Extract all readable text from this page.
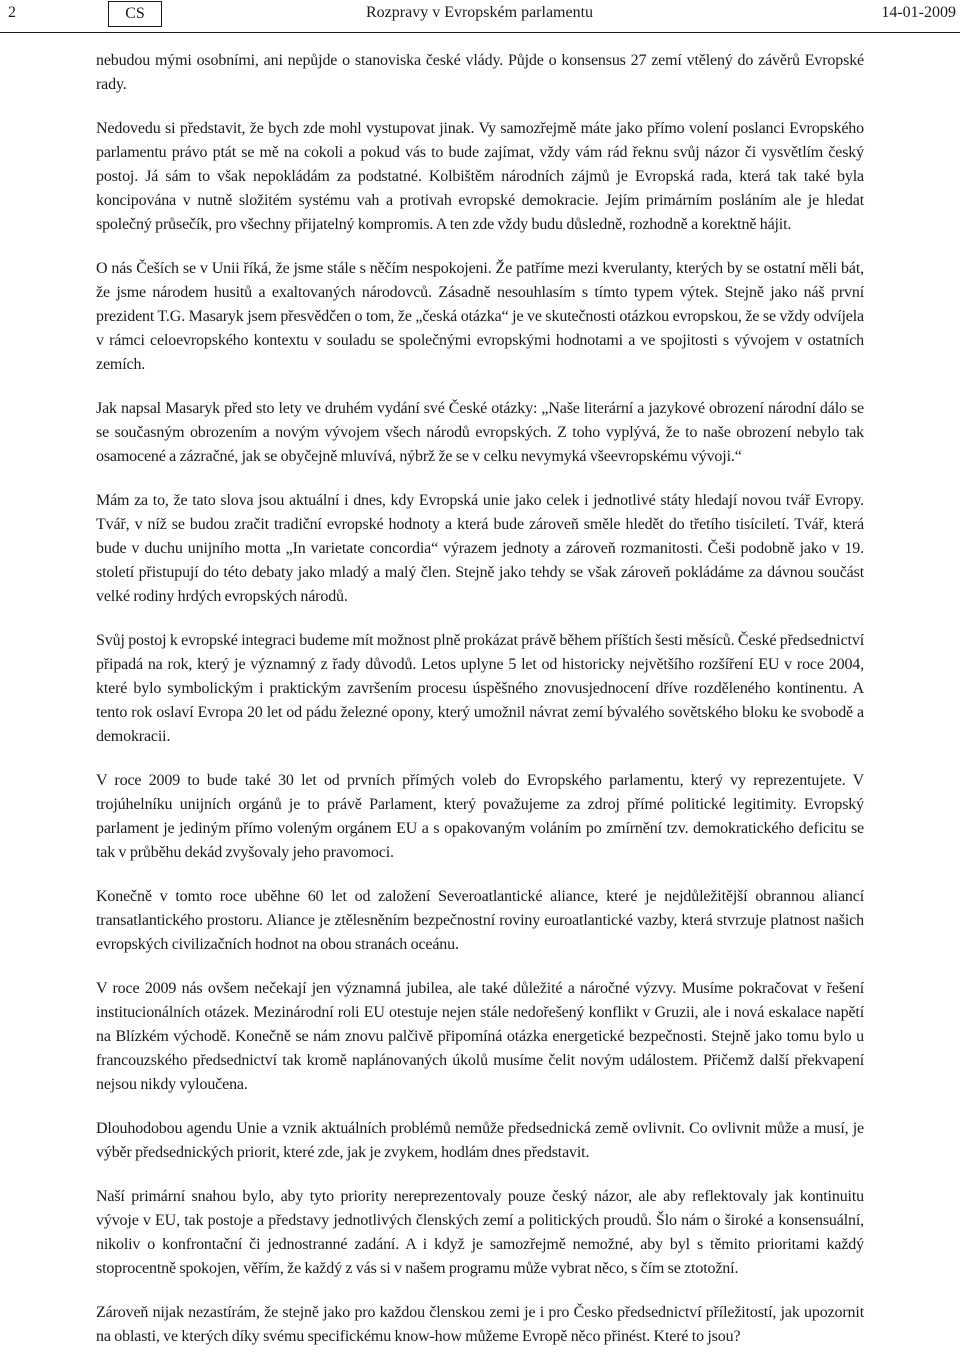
2	CS	Rozpravy v Evropském parlamentu	14-01-2009

nebudou mými osobními, ani nepůjde o stanoviska české vlády. Půjde o konsensus 27 zemí vtělený do závěrů Evropské rady.

Nedovedu si představit, že bych zde mohl vystupovat jinak. Vy samozřejmě máte jako přímo volení poslanci Evropského parlamentu právo ptát se mě na cokoli a pokud vás to bude zajímat, vždy vám rád řeknu svůj názor či vysvětlím český postoj. Já sám to však nepokládám za podstatné. Kolbištěm národních zájmů je Evropská rada, která tak také byla koncipována v nutně složitém systému vah a protivah evropské demokracie. Jejím primárním posláním ale je hledat společný průsečík, pro všechny přijatelný kompromis. A ten zde vždy budu důsledně, rozhodně a korektně hájit.

O nás Češích se v Unii říká, že jsme stále s něčím nespokojeni. Že patříme mezi kverulanty, kterých by se ostatní měli bát, že jsme národem husitů a exaltovaných národovců. Zásadně nesouhlasím s tímto typem výtek. Stejně jako náš první prezident T.G. Masaryk jsem přesvědčen o tom, že „česká otázka“ je ve skutečnosti otázkou evropskou, že se vždy odvíjela v rámci celoevropského kontextu v souladu se společnými evropskými hodnotami a ve spojitosti s vývojem v ostatních zemích.

Jak napsal Masaryk před sto lety ve druhém vydání své České otázky: „Naše literární a jazykové obrození národní dálo se se současným obrozením a novým vývojem všech národů evropských. Z toho vyplývá, že to naše obrození nebylo tak osamocené a zázračné, jak se obyčejně mluvívá, nýbrž že se v celku nevymyká všeevropskému vývoji.“

Mám za to, že tato slova jsou aktuální i dnes, kdy Evropská unie jako celek i jednotlivé státy hledají novou tvář Evropy. Tvář, v níž se budou zračit tradiční evropské hodnoty a která bude zároveň směle hledět do třetího tisíciletí. Tvář, která bude v duchu unijního motta „In varietate concordia“ výrazem jednoty a zároveň rozmanitosti. Češi podobně jako v 19. století přistupují do této debaty jako mladý a malý člen. Stejně jako tehdy se však zároveň pokládáme za dávnou součást velké rodiny hrdých evropských národů.

Svůj postoj k evropské integraci budeme mít možnost plně prokázat právě během příštích šesti měsíců. České předsednictví připadá na rok, který je významný z řady důvodů. Letos uplyne 5 let od historicky největšího rozšíření EU v roce 2004, které bylo symbolickým i praktickým završením procesu úspěšného znovusjednocení dříve rozděleného kontinentu. A tento rok oslaví Evropa 20 let od pádu železné opony, který umožnil návrat zemí bývalého sovětského bloku ke svobodě a demokracii.

V roce 2009 to bude také 30 let od prvních přímých voleb do Evropského parlamentu, který vy reprezentujete. V trojúhelníku unijních orgánů je to právě Parlament, který považujeme za zdroj přímé politické legitimity. Evropský parlament je jediným přímo voleným orgánem EU a s opakovaným voláním po zmírnění tzv. demokratického deficitu se tak v průběhu dekád zvyšovaly jeho pravomoci.

Konečně v tomto roce uběhne 60 let od založení Severoatlantické aliance, které je nejdůležitější obrannou aliancí transatlantického prostoru. Aliance je ztělesněním bezpečnostní roviny euroatlantické vazby, která stvrzuje platnost našich evropských civilizačních hodnot na obou stranách oceánu.

V roce 2009 nás ovšem nečekají jen významná jubilea, ale také důležité a náročné výzvy. Musíme pokračovat v řešení institucionálních otázek. Mezinárodní roli EU otestuje nejen stále nedořešený konflikt v Gruzii, ale i nová eskalace napětí na Blízkém východě. Konečně se nám znovu palčivě připomíná otázka energetické bezpečnosti. Stejně jako tomu bylo u francouzského předsednictví tak kromě naplánovaných úkolů musíme čelit novým událostem. Přičemž další překvapení nejsou nikdy vyloučena.

Dlouhodobou agendu Unie a vznik aktuálních problémů nemůže předsednická země ovlivnit. Co ovlivnit může a musí, je výběr předsednických priorit, které zde, jak je zvykem, hodlám dnes představit.

Naší primární snahou bylo, aby tyto priority nereprezentovaly pouze český názor, ale aby reflektovaly jak kontinuitu vývoje v EU, tak postoje a představy jednotlivých členských zemí a politických proudů. Šlo nám o široké a konsensuální, nikoliv o konfrontační či jednostranné zadání. A i když je samozřejmě nemožné, aby byl s těmito prioritami každý stoprocentně spokojen, věřím, že každý z vás si v našem programu může vybrat něco, s čím se ztotožní.

Zároveň nijak nezastírám, že stejně jako pro každou členskou zemi je i pro Česko předsednictví příležitostí, jak upozornit na oblasti, ve kterých díky svému specifickému know-how můžeme Evropě něco přinést. Které to jsou?
